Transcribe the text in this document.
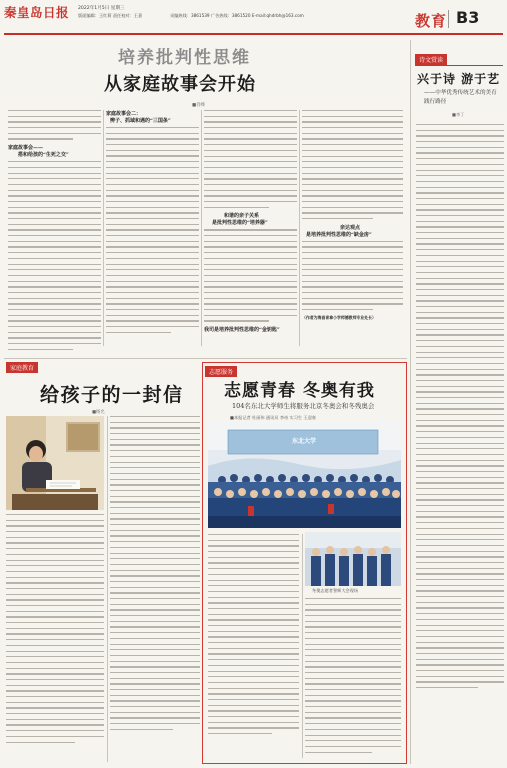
秦皇岛日报 2022年1月5日 星期三
版面编辑：王红莉 责任校对：王嘉	采编热线：3861539 广告热线：3861520 E-mail:qhdrbh@163.com	教育 B3
培养批判性思维
从家庭故事会开始
■肖峰
家庭故事会——
搭和给孩的“生死之交”
家庭故事会二：
辨子、抓域和遇的“三国条”
和谐的亲子关系
是批判性思维的“培养器”
我司是培养批判性思维的“金钥匙”
亲达观点
是培养批判性思维的“缺金房”
（作者为海昌育拿小学师德教师专业处长）
家庭教育
给孩子的一封信
■杨允
志愿服务
志愿青春 冬奥有我
104名东北大学师生将服务北京冬奥会和冬残奥会
■本报记者 杜丽伟 通讯员 李帝 实习生 王迎春
东北大学
冬奥志愿者誓师大会现场
诗文赏读
兴于诗 游于艺
——中华优秀传统艺术的美育践行路径
■李丁
